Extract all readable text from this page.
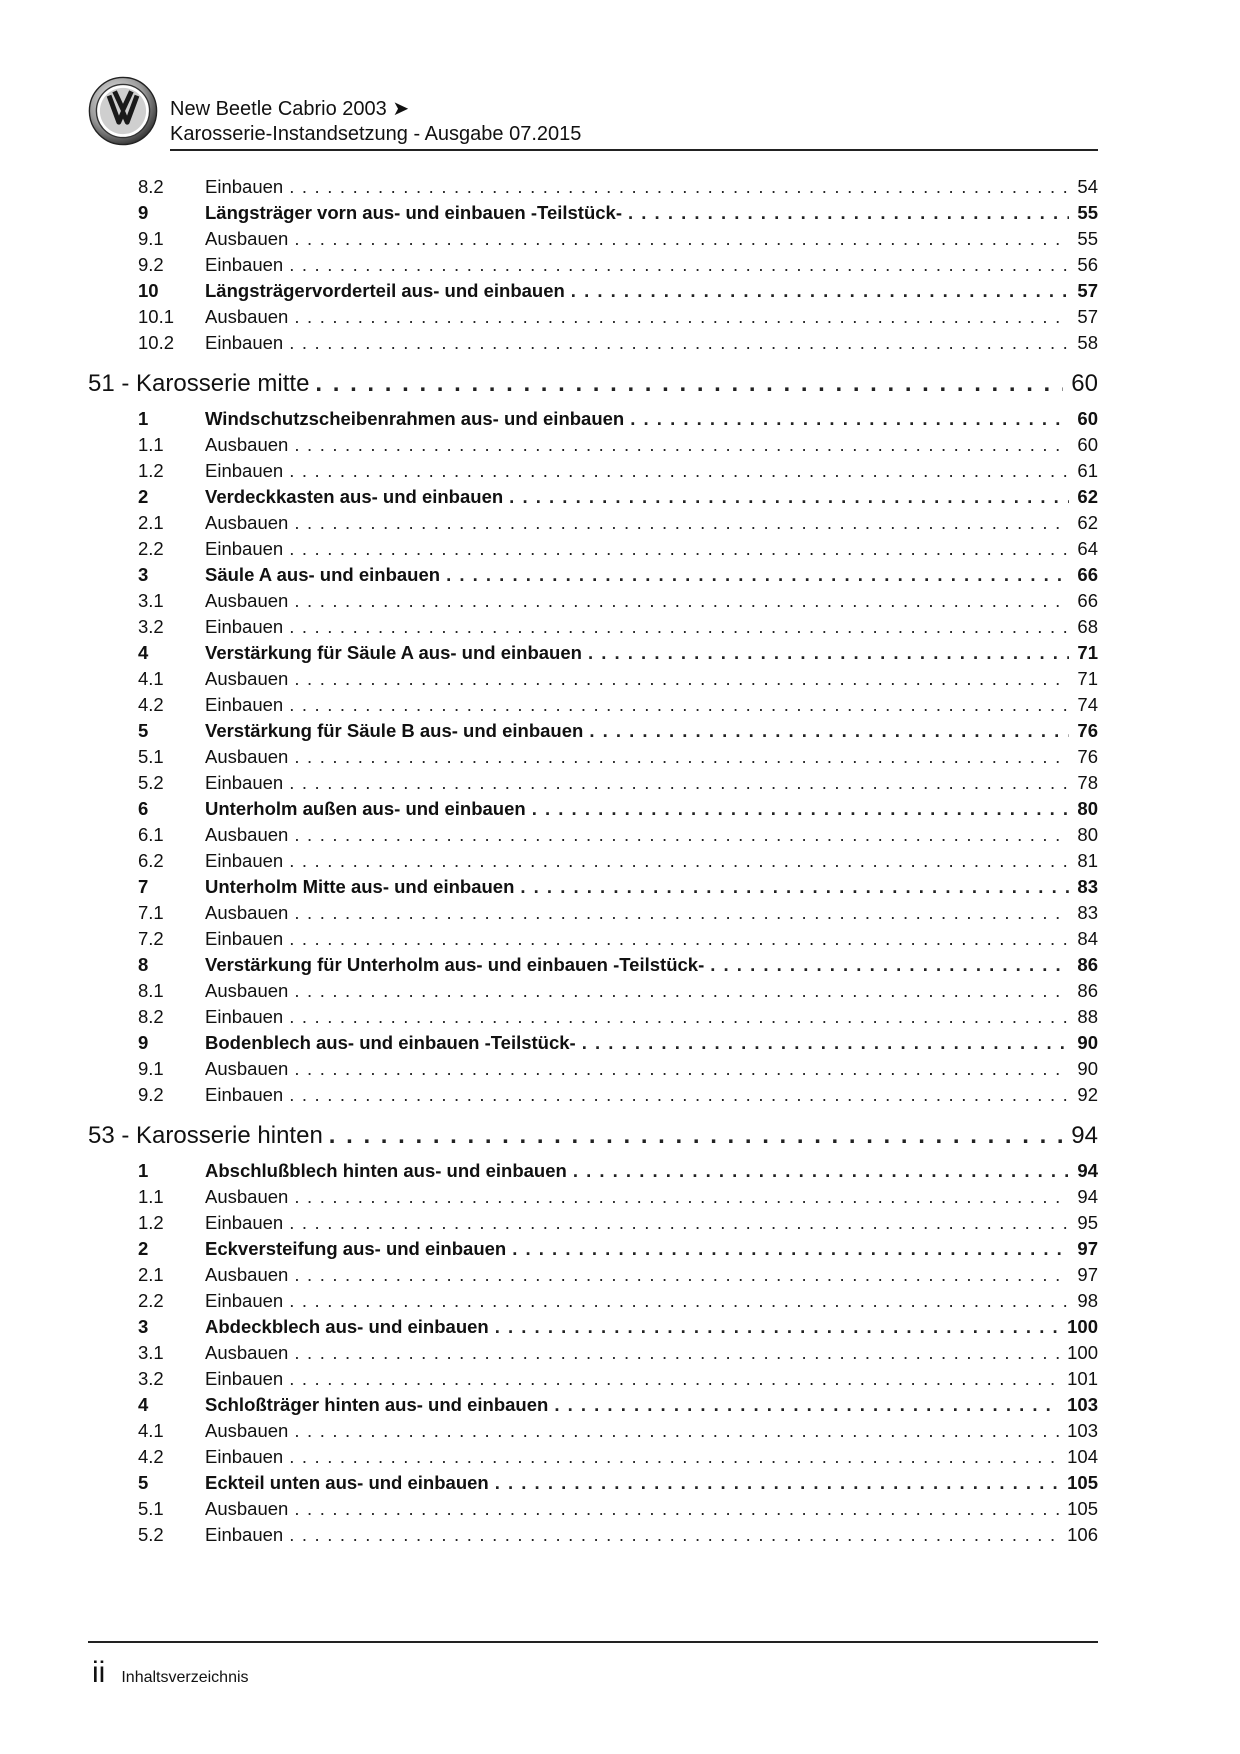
New Beetle Cabrio 2003 ➤
Karosserie-Instandsetzung - Ausgabe 07.2015
8.2	Einbauen . . .	54
9	Längsträger vorn aus- und einbauen -Teilstück- . . .	55
9.1	Ausbauen . . .	55
9.2	Einbauen . . .	56
10	Längsträgervorderteil aus- und einbauen . . .	57
10.1	Ausbauen . . .	57
10.2	Einbauen . . .	58
51 - Karosserie mitte . . .	60
1	Windschutzscheibenrahmen aus- und einbauen . . .	60
1.1	Ausbauen . . .	60
1.2	Einbauen . . .	61
2	Verdeckkasten aus- und einbauen . . .	62
2.1	Ausbauen . . .	62
2.2	Einbauen . . .	64
3	Säule A aus- und einbauen . . .	66
3.1	Ausbauen . . .	66
3.2	Einbauen . . .	68
4	Verstärkung für Säule A aus- und einbauen . . .	71
4.1	Ausbauen . . .	71
4.2	Einbauen . . .	74
5	Verstärkung für Säule B aus- und einbauen . . .	76
5.1	Ausbauen . . .	76
5.2	Einbauen . . .	78
6	Unterholm außen aus- und einbauen . . .	80
6.1	Ausbauen . . .	80
6.2	Einbauen . . .	81
7	Unterholm Mitte aus- und einbauen . . .	83
7.1	Ausbauen . . .	83
7.2	Einbauen . . .	84
8	Verstärkung für Unterholm aus- und einbauen -Teilstück- . . .	86
8.1	Ausbauen . . .	86
8.2	Einbauen . . .	88
9	Bodenblech aus- und einbauen -Teilstück- . . .	90
9.1	Ausbauen . . .	90
9.2	Einbauen . . .	92
53 - Karosserie hinten . . .	94
1	Abschlußblech hinten aus- und einbauen . . .	94
1.1	Ausbauen . . .	94
1.2	Einbauen . . .	95
2	Eckversteifung aus- und einbauen . . .	97
2.1	Ausbauen . . .	97
2.2	Einbauen . . .	98
3	Abdeckblech aus- und einbauen . . .	100
3.1	Ausbauen . . .	100
3.2	Einbauen . . .	101
4	Schloßträger hinten aus- und einbauen . . .	103
4.1	Ausbauen . . .	103
4.2	Einbauen . . .	104
5	Eckteil unten aus- und einbauen . . .	105
5.1	Ausbauen . . .	105
5.2	Einbauen . . .	106
ii Inhaltsverzeichnis
